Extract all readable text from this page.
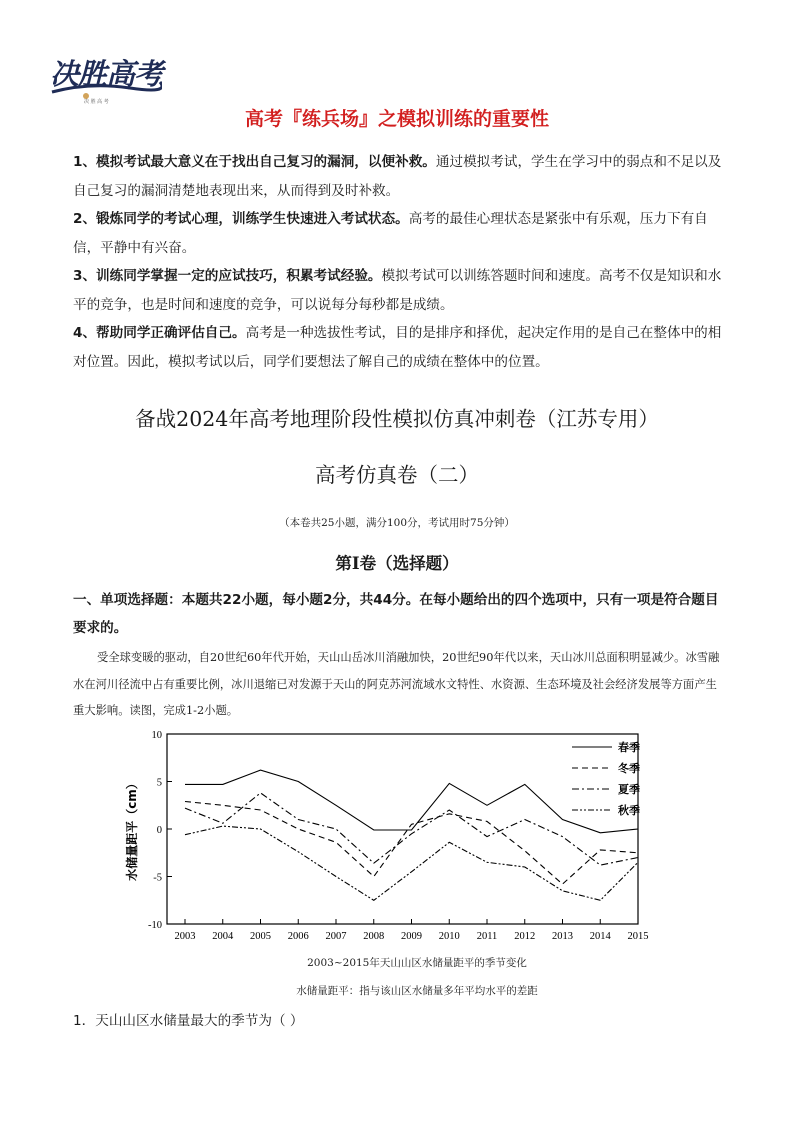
决胜高考
决 胜 高 考
高考『练兵场』之模拟训练的重要性

1、模拟考试最大意义在于找出自己复习的漏洞，以便补救。通过模拟考试，学生在学习中的弱点和不足以及自己复习的漏洞清楚地表现出来，从而得到及时补救。

2、锻炼同学的考试心理，训练学生快速进入考试状态。高考的最佳心理状态是紧张中有乐观，压力下有自信，平静中有兴奋。

3、训练同学掌握一定的应试技巧，积累考试经验。模拟考试可以训练答题时间和速度。高考不仅是知识和水平的竞争，也是时间和速度的竞争，可以说每分每秒都是成绩。

4、帮助同学正确评估自己。高考是一种选拔性考试，目的是排序和择优，起决定作用的是自己在整体中的相对位置。因此，模拟考试以后，同学们要想法了解自己的成绩在整体中的位置。

备战2024年高考地理阶段性模拟仿真冲刺卷（江苏专用）
高考仿真卷（二）
（本卷共25小题，满分100分，考试用时75分钟）
第Ⅰ卷（选择题）
一、单项选择题：本题共22小题，每小题2分，共44分。在每小题给出的四个选项中，只有一项是符合题目要求的。
受全球变暖的驱动，自20世纪60年代开始，天山山岳冰川消融加快，20世纪90年代以来，天山冰川总面积明显减少。冰雪融水在河川径流中占有重要比例，冰川退缩已对发源于天山的阿克苏河流域水文特性、水资源、生态环境及社会经济发展等方面产生重大影响。读图，完成1-2小题。
10
5
0
-5
-10
2003 2004 2005 2006 2007 2008 2009 2010 2011 2012 2013 2014 2015
水储量距平（cm）
春季
冬季
夏季
秋季
2003~2015年天山山区水储量距平的季节变化
水储量距平：指与该山区水储量多年平均水平的差距
1．天山山区水储量最大的季节为（ ）
